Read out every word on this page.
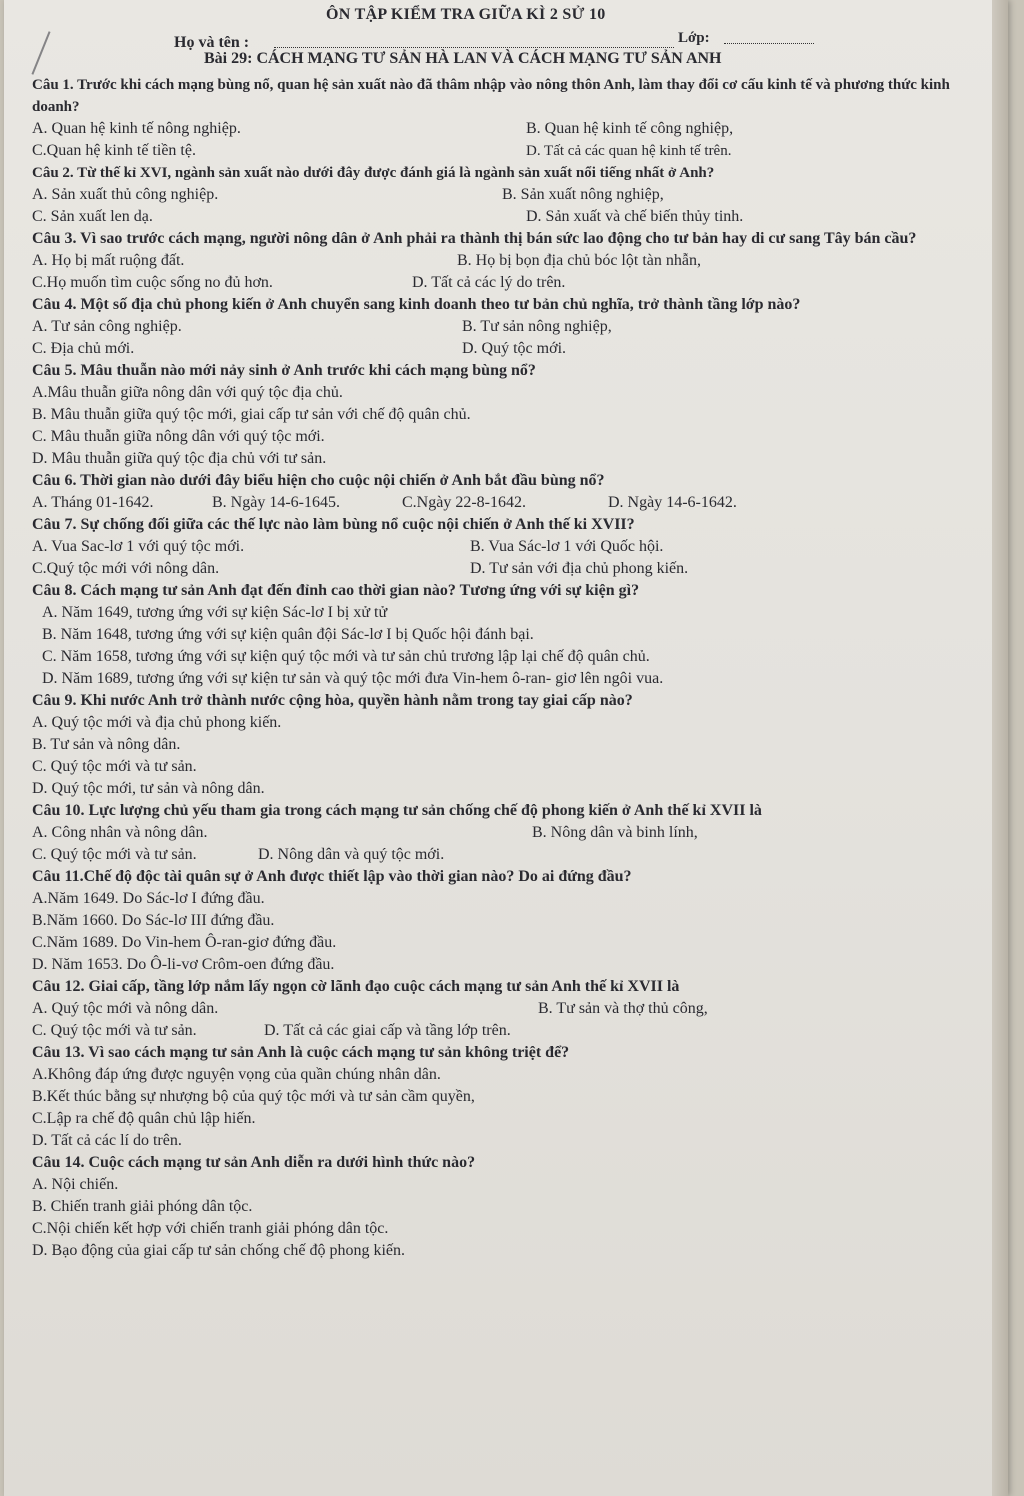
ÔN TẬP KIỂM TRA GIỮA KÌ 2 SỬ 10
Họ và tên :	Lớp:
Bài 29: CÁCH MẠNG TƯ SẢN HÀ LAN VÀ CÁCH MẠNG TƯ SẢN ANH
Câu 1. Trước khi cách mạng bùng nổ, quan hệ sản xuất nào đã thâm nhập vào nông thôn Anh, làm thay đổi cơ cấu kinh tế và phương thức kinh doanh?
A. Quan hệ kinh tế nông nghiệp.	B. Quan hệ kinh tế công nghiệp,
C.Quan hệ kinh tế tiền tệ.	D. Tất cả các quan hệ kinh tế trên.
Câu 2. Từ thế kỉ XVI, ngành sản xuất nào dưới đây được đánh giá là ngành sản xuất nổi tiếng nhất ở Anh?
A. Sản xuất thủ công nghiệp.	B. Sản xuất nông nghiệp,
C. Sản xuất len dạ.	D. Sản xuất và chế biến thủy tinh.
Câu 3. Vì sao trước cách mạng, người nông dân ở Anh phải ra thành thị bán sức lao động cho tư bản hay di cư sang Tây bán cầu?
A. Họ bị mất ruộng đất.	B. Họ bị bọn địa chủ bóc lột tàn nhẫn,
C.Họ muốn tìm cuộc sống no đủ hơn.	D. Tất cả các lý do trên.
Câu 4. Một số địa chủ phong kiến ở Anh chuyển sang kinh doanh theo tư bản chủ nghĩa, trở thành tầng lớp nào?
A. Tư sản công nghiệp.	B. Tư sản nông nghiệp,
C. Địa chủ mới.	D. Quý tộc mới.
Câu 5. Mâu thuẫn nào mới nảy sinh ở Anh trước khi cách mạng bùng nổ?
A.Mâu thuẫn giữa nông dân với quý tộc địa chủ.
B. Mâu thuẫn giữa quý tộc mới, giai cấp tư sản với chế độ quân chủ.
C. Mâu thuẫn giữa nông dân với quý tộc mới.
D. Mâu thuẫn giữa quý tộc địa chủ với tư sản.
Câu 6. Thời gian nào dưới đây biểu hiện cho cuộc nội chiến ở Anh bắt đầu bùng nổ?
A. Tháng 01-1642.	B. Ngày 14-6-1645.	C.Ngày 22-8-1642.	D. Ngày 14-6-1642.
Câu 7. Sự chống đối giữa các thế lực nào làm bùng nổ cuộc nội chiến ở Anh thế ki XVII?
A. Vua Sac-lơ 1 với quý tộc mới.	B. Vua Sác-lơ 1 với Quốc hội.
C.Quý tộc mới với nông dân.	D. Tư sản với địa chủ phong kiến.
Câu 8. Cách mạng tư sản Anh đạt đến đỉnh cao thời gian nào? Tương ứng với sự kiện gì?
A. Năm 1649, tương ứng với sự kiện Sác-lơ I bị xử tử
B. Năm 1648, tương ứng với sự kiện quân đội Sác-lơ I bị Quốc hội đánh bại.
C. Năm 1658, tương ứng với sự kiện quý tộc mới và tư sản chủ trương lập lại chế độ quân chủ.
D. Năm 1689, tương ứng với sự kiện tư sản và quý tộc mới đưa Vin-hem ô-ran- giơ lên ngôi vua.
Câu 9. Khi nước Anh trở thành nước cộng hòa, quyền hành nằm trong tay giai cấp nào?
A. Quý tộc mới và địa chủ phong kiến.
B. Tư sản và nông dân.
C. Quý tộc mới và tư sản.
D. Quý tộc mới, tư sản và nông dân.
Câu 10. Lực lượng chủ yếu tham gia trong cách mạng tư sản chống chế độ phong kiến ở Anh thế kỉ XVII là
A. Công nhân và nông dân.	B. Nông dân và binh lính,
C. Quý tộc mới và tư sản.	D. Nông dân và quý tộc mới.
Câu 11.Chế độ độc tài quân sự ở Anh được thiết lập vào thời gian nào? Do ai đứng đầu?
A.Năm 1649. Do Sác-lơ I đứng đầu.
B.Năm 1660. Do Sác-lơ III đứng đầu.
C.Năm 1689. Do Vin-hem Ô-ran-giơ đứng đầu.
D. Năm 1653. Do Ô-li-vơ Crôm-oen đứng đầu.
Câu 12. Giai cấp, tầng lớp nắm lấy ngọn cờ lãnh đạo cuộc cách mạng tư sản Anh thế kỉ XVII là
A. Quý tộc mới và nông dân.	B. Tư sản và thợ thủ công,
C. Quý tộc mới và tư sản.	D. Tất cả các giai cấp và tầng lớp trên.
Câu 13. Vì sao cách mạng tư sản Anh là cuộc cách mạng tư sản không triệt để?
A.Không đáp ứng được nguyện vọng của quần chúng nhân dân.
B.Kết thúc bằng sự nhượng bộ của quý tộc mới và tư sản cầm quyền,
C.Lập ra chế độ quân chủ lập hiến.
D. Tất cả các lí do trên.
Câu 14. Cuộc cách mạng tư sản Anh diễn ra dưới hình thức nào?
A. Nội chiến.
B. Chiến tranh giải phóng dân tộc.
C.Nội chiến kết hợp với chiến tranh giải phóng dân tộc.
D. Bạo động của giai cấp tư sản chống chế độ phong kiến.
